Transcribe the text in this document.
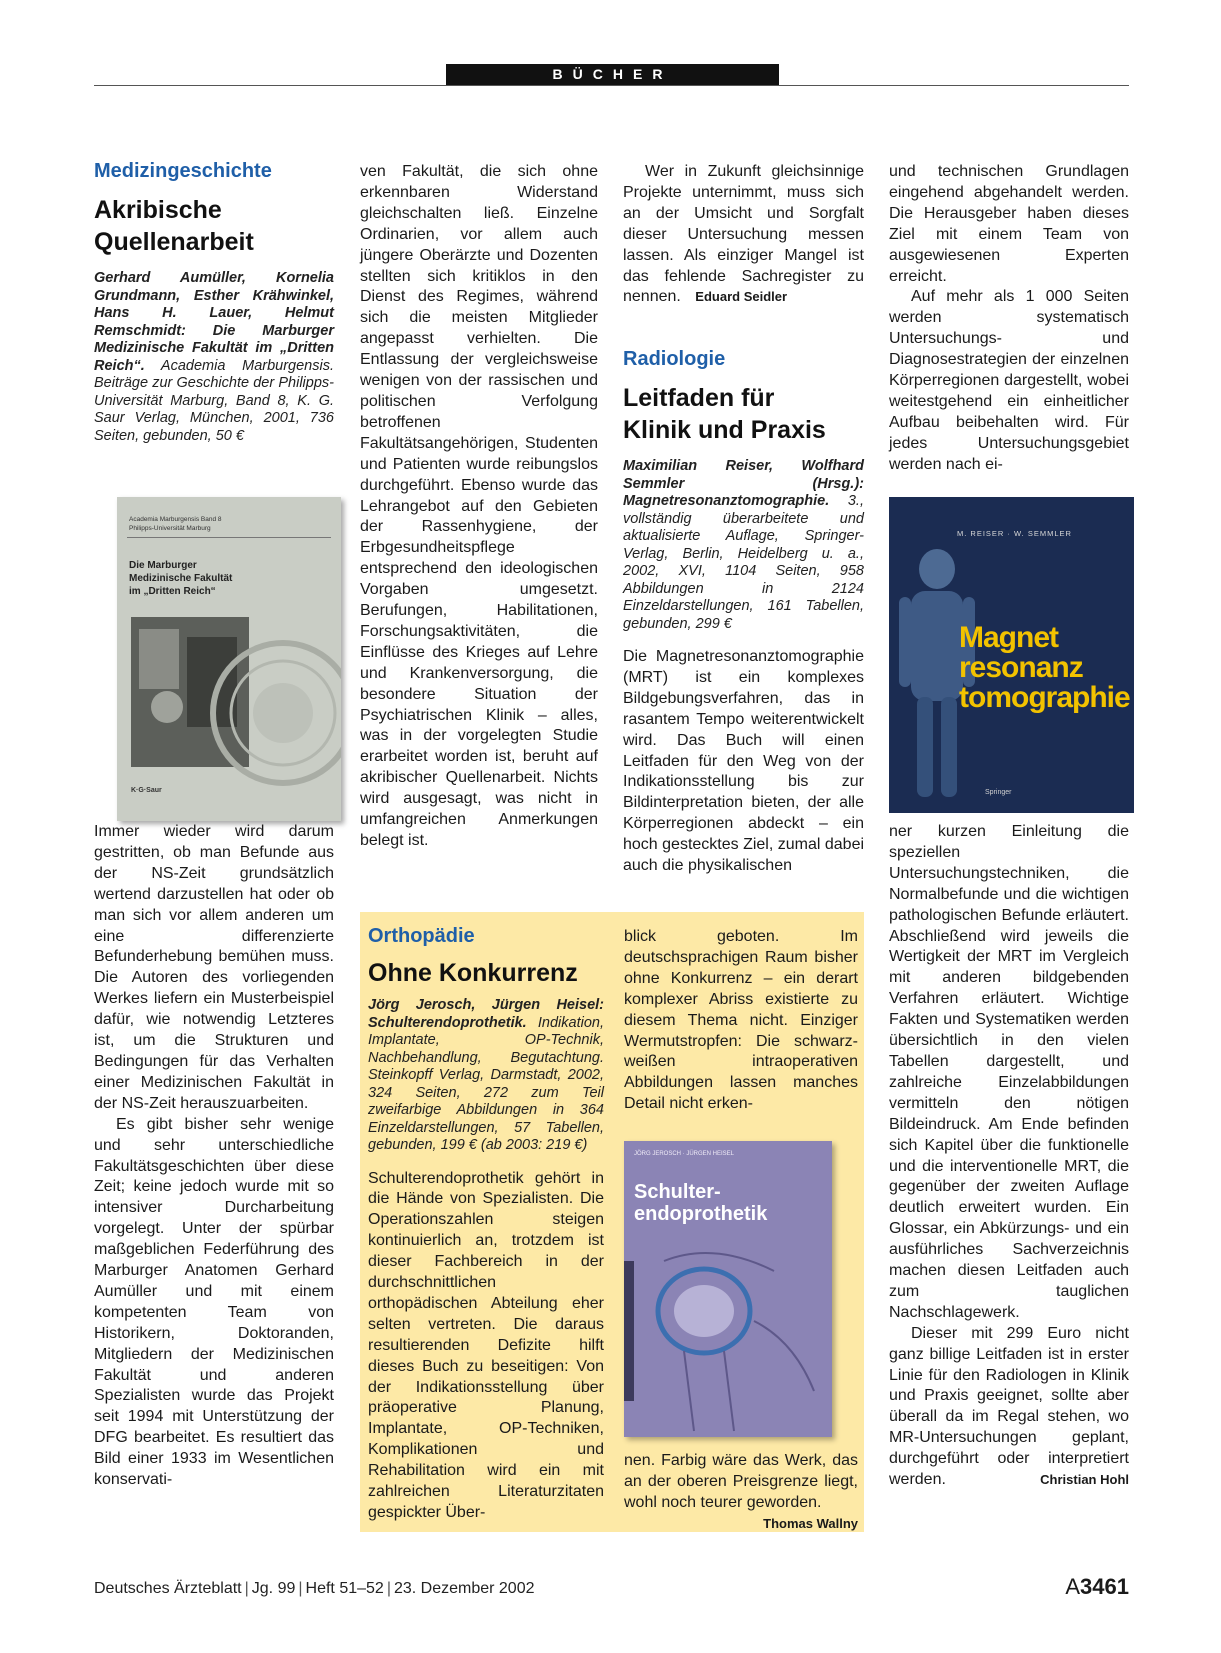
BÜCHER
Medizingeschichte
Akribische
Quellenarbeit
Gerhard Aumüller, Kornelia Grundmann, Esther Krähwinkel, Hans H. Lauer, Helmut Remschmidt: Die Marburger Medizinische Fakultät im „Dritten Reich“. Academia Marburgensis. Beiträge zur Geschichte der Philipps-Universität Marburg, Band 8, K. G. Saur Verlag, München, 2001, 736 Seiten, gebunden, 50 €
Academia Marburgensis Band 8
Philipps-Universität Marburg
Die Marburger
Medizinische Fakultät
im „Dritten Reich“
K·G·Saur

Immer wieder wird darum gestritten, ob man Befunde aus der NS-Zeit grundsätzlich wertend darzustellen hat oder ob man sich vor allem anderen um eine differenzierte Befunderhebung bemühen muss. Die Autoren des vorliegenden Werkes liefern ein Musterbeispiel dafür, wie notwendig Letzteres ist, um die Strukturen und Bedingungen für das Verhalten einer Medizinischen Fakultät in der NS-Zeit herauszuarbeiten.

Es gibt bisher sehr wenige und sehr unterschiedliche Fakultätsgeschichten über diese Zeit; keine jedoch wurde mit so intensiver Durcharbeitung vorgelegt. Unter der spürbar maßgeblichen Federführung des Marburger Anatomen Gerhard Aumüller und mit einem kompetenten Team von Historikern, Doktoranden, Mitgliedern der Medizinischen Fakultät und anderen Spezialisten wurde das Projekt seit 1994 mit Unterstützung der DFG bearbeitet. Es resultiert das Bild einer 1933 im Wesentlichen konservati-

ven Fakultät, die sich ohne erkennbaren Widerstand gleichschalten ließ. Einzelne Ordinarien, vor allem auch jüngere Oberärzte und Dozenten stellten sich kritiklos in den Dienst des Regimes, während sich die meisten Mitglieder angepasst verhielten. Die Entlassung der vergleichsweise wenigen von der rassischen und politischen Verfolgung betroffenen Fakultätsangehörigen, Studenten und Patienten wurde reibungslos durchgeführt. Ebenso wurde das Lehrangebot auf den Gebieten der Rassenhygiene, der Erbgesundheitspflege entsprechend den ideologischen Vorgaben umgesetzt. Berufungen, Habilitationen, Forschungsaktivitäten, die Einflüsse des Krieges auf Lehre und Krankenversorgung, die besondere Situation der Psychiatrischen Klinik – alles, was in der vorgelegten Studie erarbeitet worden ist, beruht auf akribischer Quellenarbeit. Nichts wird ausgesagt, was nicht in umfangreichen Anmerkungen belegt ist.

Wer in Zukunft gleichsinnige Projekte unternimmt, muss sich an der Umsicht und Sorgfalt dieser Untersuchung messen lassen. Als einziger Mangel ist das fehlende Sachregister zu nennen. Eduard Seidler

Radiologie
Leitfaden für
Klinik und Praxis
Maximilian Reiser, Wolfhard Semmler (Hrsg.): Magnetresonanztomographie. 3., vollständig überarbeitete und aktualisierte Auflage, Springer-Verlag, Berlin, Heidelberg u. a., 2002, XVI, 1104 Seiten, 958 Abbildungen in 2124 Einzeldarstellungen, 161 Tabellen, gebunden, 299 €

Die Magnetresonanztomographie (MRT) ist ein komplexes Bildgebungsverfahren, das in rasantem Tempo weiterentwickelt wird. Das Buch will einen Leitfaden für den Weg von der Indikationsstellung bis zur Bildinterpretation bieten, der alle Körperregionen abdeckt – ein hoch gestecktes Ziel, zumal dabei auch die physikalischen

und technischen Grundlagen eingehend abgehandelt werden. Die Herausgeber haben dieses Ziel mit einem Team von ausgewiesenen Experten erreicht.

Auf mehr als 1 000 Seiten werden systematisch Untersuchungs- und Diagnosestrategien der einzelnen Körperregionen dargestellt, wobei weitestgehend ein einheitlicher Aufbau beibehalten wird. Für jedes Untersuchungsgebiet werden nach ei-

M. REISER · W. SEMMLER
Magnet
resonanz
tomographie
Springer

ner kurzen Einleitung die speziellen Untersuchungstechniken, die Normalbefunde und die wichtigen pathologischen Befunde erläutert. Abschließend wird jeweils die Wertigkeit der MRT im Vergleich mit anderen bildgebenden Verfahren erläutert. Wichtige Fakten und Systematiken werden übersichtlich in den vielen Tabellen dargestellt, und zahlreiche Einzelabbildungen vermitteln den nötigen Bildeindruck. Am Ende befinden sich Kapitel über die funktionelle und die interventionelle MRT, die gegenüber der zweiten Auflage deutlich erweitert wurden. Ein Glossar, ein Abkürzungs- und ein ausführliches Sachverzeichnis machen diesen Leitfaden auch zum tauglichen Nachschlagewerk.

Dieser mit 299 Euro nicht ganz billige Leitfaden ist in erster Linie für den Radiologen in Klinik und Praxis geeignet, sollte aber überall da im Regal stehen, wo MR-Untersuchungen geplant, durchgeführt oder interpretiert werden.	Christian Hohl

Orthopädie
Ohne Konkurrenz
Jörg Jerosch, Jürgen Heisel: Schulterendoprothetik. Indikation, Implantate, OP-Technik, Nachbehandlung, Begutachtung. Steinkopff Verlag, Darmstadt, 2002, 324 Seiten, 272 zum Teil zweifarbige Abbildungen in 364 Einzeldarstellungen, 57 Tabellen, gebunden, 199 € (ab 2003: 219 €)

Schulterendoprothetik gehört in die Hände von Spezialisten. Die Operationszahlen steigen kontinuierlich an, trotzdem ist dieser Fachbereich in der durchschnittlichen orthopädischen Abteilung eher selten vertreten. Die daraus resultierenden Defizite hilft dieses Buch zu beseitigen: Von der Indikationsstellung über präoperative Planung, Implantate, OP-Techniken, Komplikationen und Rehabilitation wird ein mit zahlreichen Literaturzitaten gespickter Über-

blick geboten. Im deutschsprachigen Raum bisher ohne Konkurrenz – ein derart komplexer Abriss existierte zu diesem Thema nicht. Einziger Wermutstropfen: Die schwarz-weißen intraoperativen Abbildungen lassen manches Detail nicht erken-

JÖRG JEROSCH · JÜRGEN HEISEL
Schulter-
endoprothetik

nen. Farbig wäre das Werk, das an der oberen Preisgrenze liegt, wohl noch teurer geworden.
Thomas Wallny

Deutsches Ärzteblatt | Jg. 99 | Heft 51–52 | 23. Dezember 2002	A3461
